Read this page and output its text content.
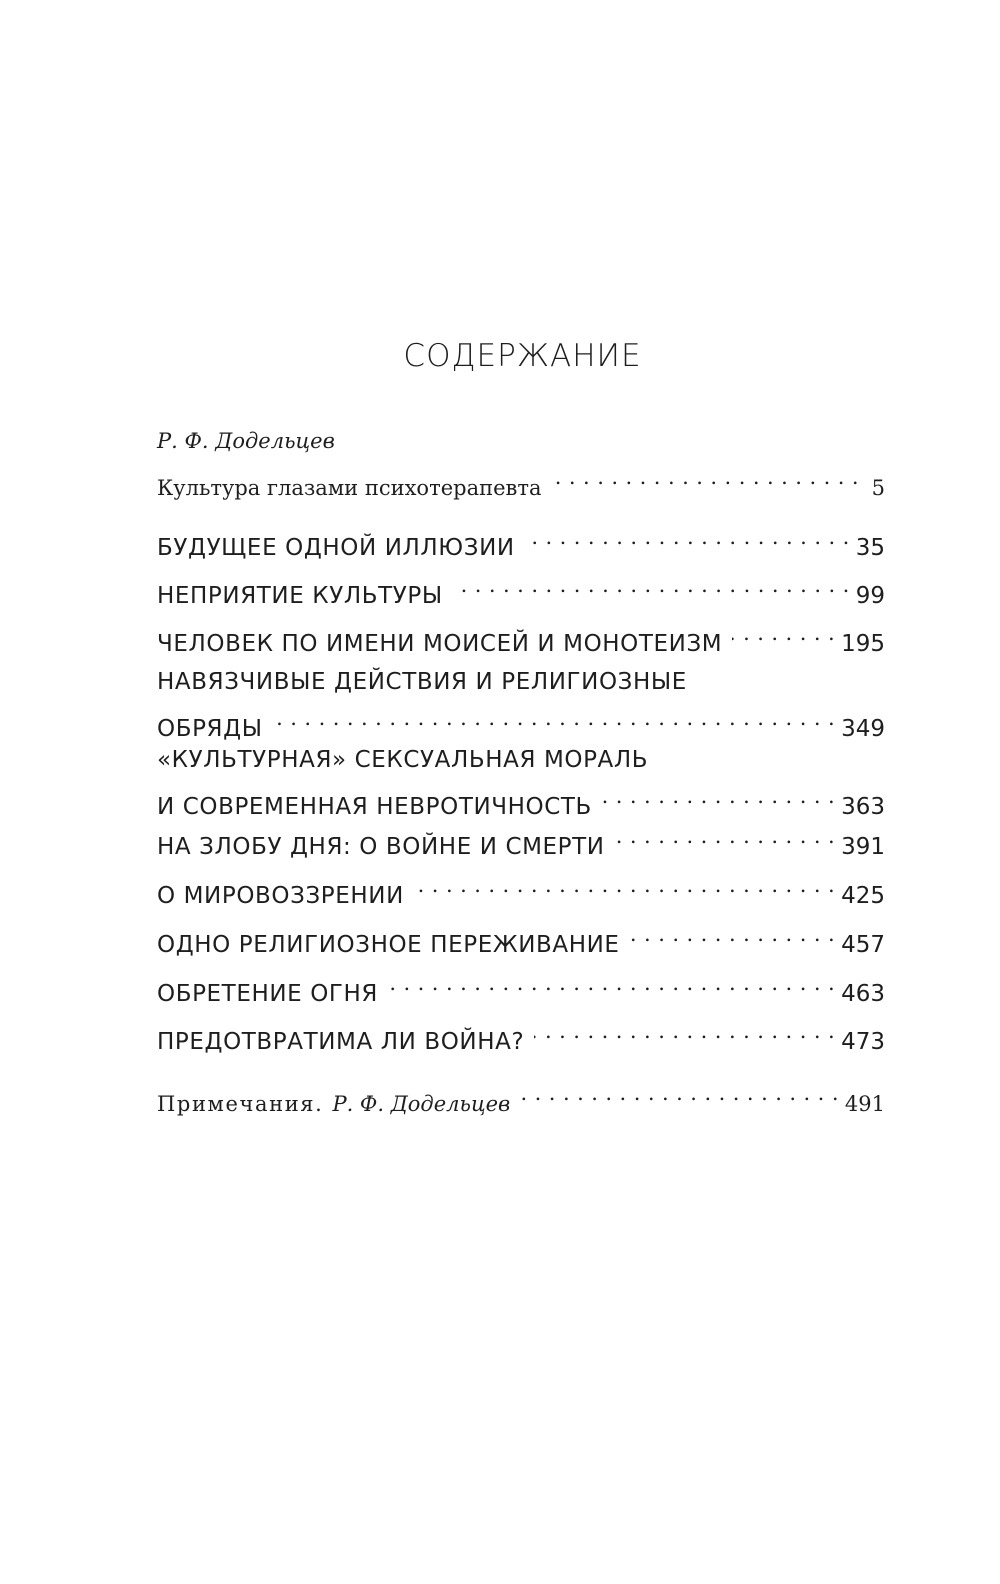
СОДЕРЖАНИЕ
Р. Ф. Додельцев
Культура глазами психотерапевта . . .	5
БУДУЩЕЕ ОДНОЙ ИЛЛЮЗИИ . . .	35
НЕПРИЯТИЕ КУЛЬТУРЫ . . .	99
ЧЕЛОВЕК ПО ИМЕНИ МОИСЕЙ И МОНОТЕИЗМ . . .	195
НАВЯЗЧИВЫЕ ДЕЙСТВИЯ И РЕЛИГИОЗНЫЕ
ОБРЯДЫ . . .	349
«КУЛЬТУРНАЯ» СЕКСУАЛЬНАЯ МОРАЛЬ
И СОВРЕМЕННАЯ НЕВРОТИЧНОСТЬ . . .	363
НА ЗЛОБУ ДНЯ: О ВОЙНЕ И СМЕРТИ . . .	391
О МИРОВОЗЗРЕНИИ . . .	425
ОДНО РЕЛИГИОЗНОЕ ПЕРЕЖИВАНИЕ . . .	457
ОБРЕТЕНИЕ ОГНЯ . . .	463
ПРЕДОТВРАТИМА ЛИ ВОЙНА? . . .	473
Примечания. Р. Ф. Додельцев . . .	491
